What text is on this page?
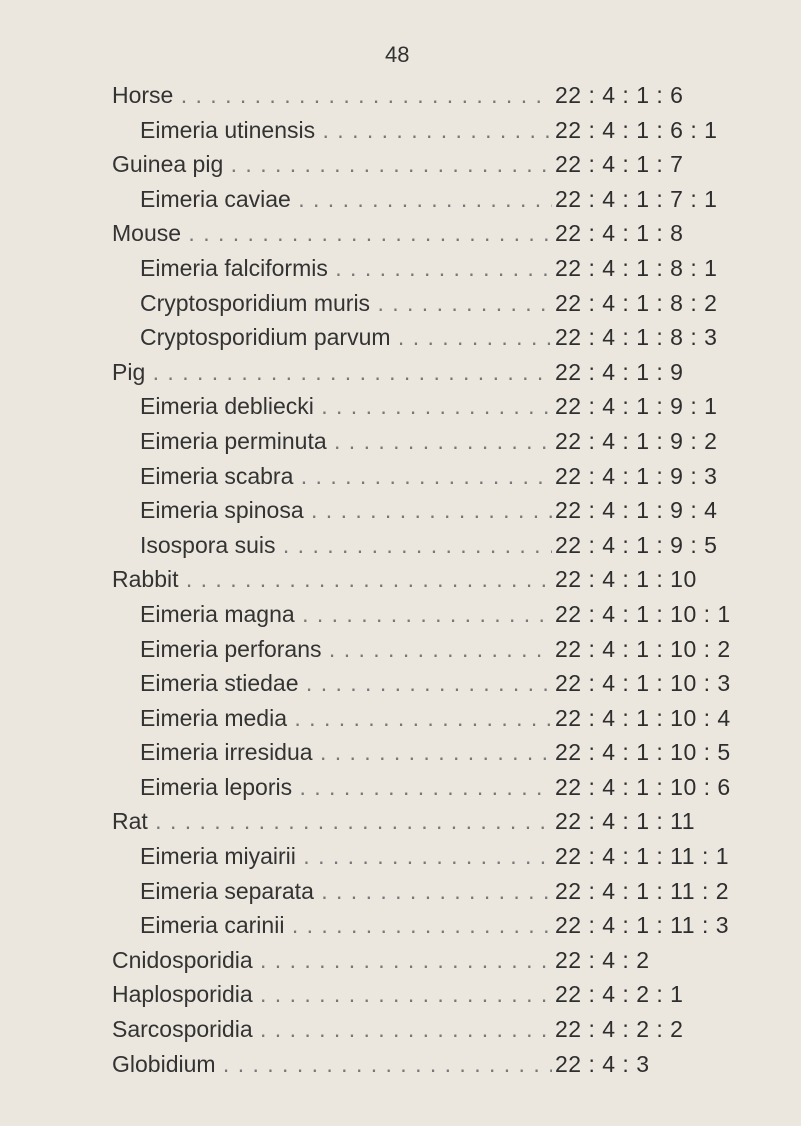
48
Horse . . .	22 : 4 : 1 : 6
Eimeria utinensis . . .	22 : 4 : 1 : 6 : 1
Guinea pig . . .	22 : 4 : 1 : 7
Eimeria caviae . . .	22 : 4 : 1 : 7 : 1
Mouse . . .	22 : 4 : 1 : 8
Eimeria falciformis . . .	22 : 4 : 1 : 8 : 1
Cryptosporidium muris . . .	22 : 4 : 1 : 8 : 2
Cryptosporidium parvum . . .	22 : 4 : 1 : 8 : 3
Pig . . .	22 : 4 : 1 : 9
Eimeria debliecki . . .	22 : 4 : 1 : 9 : 1
Eimeria perminuta . . .	22 : 4 : 1 : 9 : 2
Eimeria scabra . . .	22 : 4 : 1 : 9 : 3
Eimeria spinosa . . .	22 : 4 : 1 : 9 : 4
Isospora suis . . .	22 : 4 : 1 : 9 : 5
Rabbit . . .	22 : 4 : 1 : 10
Eimeria magna . . .	22 : 4 : 1 : 10 : 1
Eimeria perforans . . .	22 : 4 : 1 : 10 : 2
Eimeria stiedae . . .	22 : 4 : 1 : 10 : 3
Eimeria media . . .	22 : 4 : 1 : 10 : 4
Eimeria irresidua . . .	22 : 4 : 1 : 10 : 5
Eimeria leporis . . .	22 : 4 : 1 : 10 : 6
Rat . . .	22 : 4 : 1 : 11
Eimeria miyairii . . .	22 : 4 : 1 : 11 : 1
Eimeria separata . . .	22 : 4 : 1 : 11 : 2
Eimeria carinii . . .	22 : 4 : 1 : 11 : 3
Cnidosporidia . . .	22 : 4 : 2
Haplosporidia . . .	22 : 4 : 2 : 1
Sarcosporidia . . .	22 : 4 : 2 : 2
Globidium . . .	22 : 4 : 3
